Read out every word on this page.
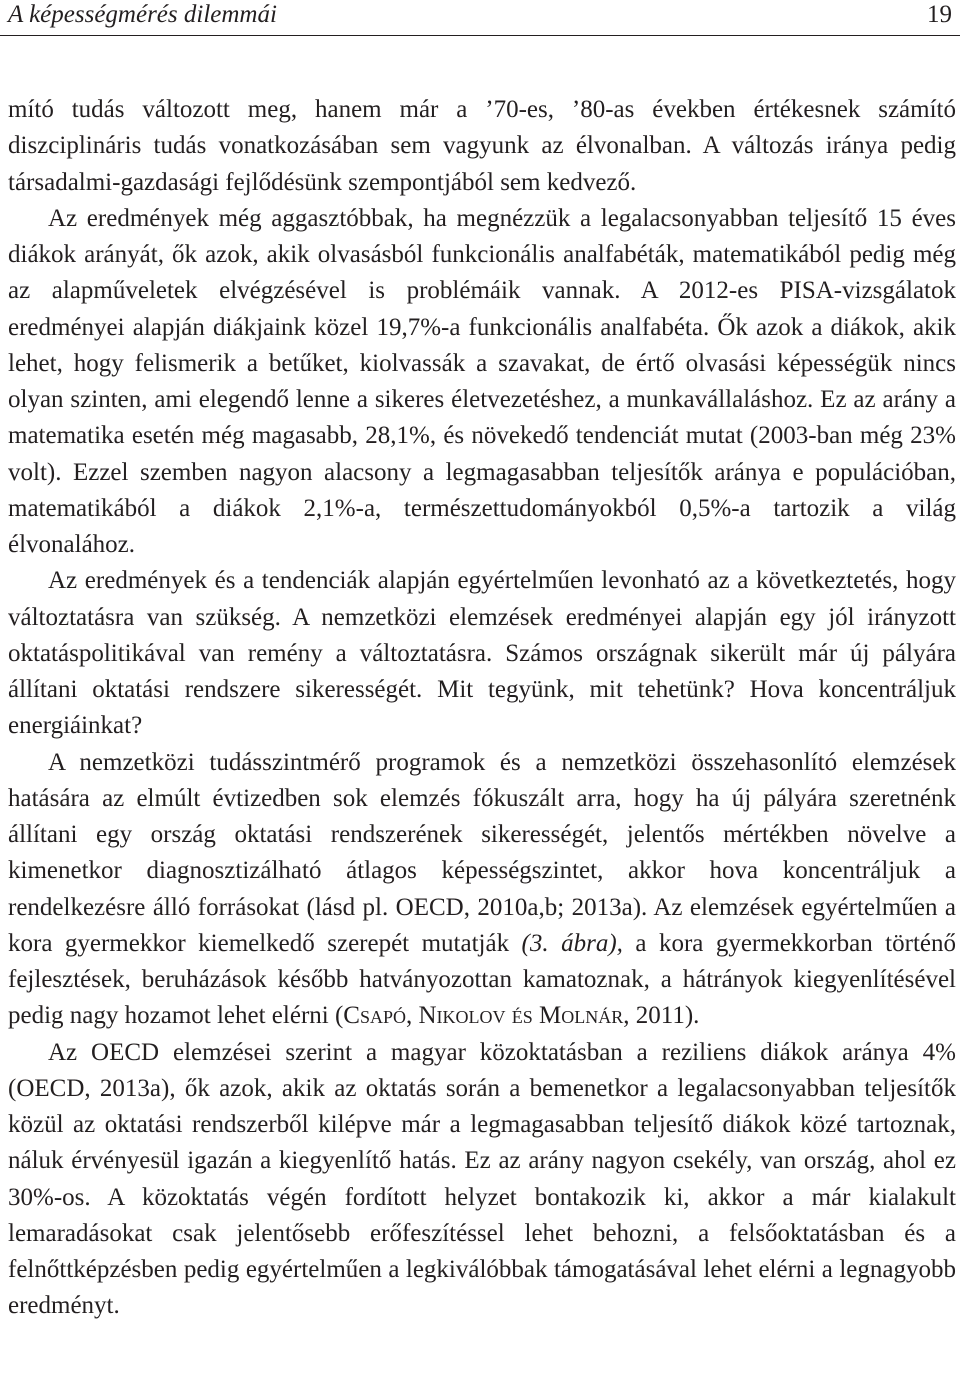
A képességmérés dilemmái	19

mító tudás változott meg, hanem már a ’70-es, ’80-as években értékesnek számító diszciplináris tudás vonatkozásában sem vagyunk az élvonalban. A változás iránya pedig társadalmi-gazdasági fejlődésünk szempontjából sem kedvező.

Az eredmények még aggasztóbbak, ha megnézzük a legalacsonyabban teljesítő 15 éves diákok arányát, ők azok, akik olvasásból funkcionális analfabéták, matematikából pedig még az alapműveletek elvégzésével is problémáik vannak. A 2012-es PISA-vizsgálatok eredményei alapján diákjaink közel 19,7%-a funkcionális analfabéta. Ők azok a diákok, akik lehet, hogy felismerik a betűket, kiolvassák a szavakat, de értő olvasási képességük nincs olyan szinten, ami elegendő lenne a sikeres életvezetéshez, a munkavállaláshoz. Ez az arány a matematika esetén még magasabb, 28,1%, és növekedő tendenciát mutat (2003-ban még 23% volt). Ezzel szemben nagyon alacsony a legmagasabban teljesítők aránya e populációban, matematikából a diákok 2,1%-a, természettudományokból 0,5%-a tartozik a világ élvonalához.

Az eredmények és a tendenciák alapján egyértelműen levonható az a következtetés, hogy változtatásra van szükség. A nemzetközi elemzések eredményei alapján egy jól irányzott oktatáspolitikával van remény a változtatásra. Számos országnak sikerült már új pályára állítani oktatási rendszere sikerességét. Mit tegyünk, mit tehetünk? Hova koncentráljuk energiáinkat?

A nemzetközi tudásszintmérő programok és a nemzetközi összehasonlító elemzések hatására az elmúlt évtizedben sok elemzés fókuszált arra, hogy ha új pályára szeretnénk állítani egy ország oktatási rendszerének sikerességét, jelentős mértékben növelve a kimenetkor diagnosztizálható átlagos képességszintet, akkor hova koncentráljuk a rendelkezésre álló forrásokat (lásd pl. OECD, 2010a,b; 2013a). Az elemzések egyértelműen a kora gyermekkor kiemelkedő szerepét mutatják (3. ábra), a kora gyermekkorban történő fejlesztések, beruházások később hatványozottan kamatoznak, a hátrányok kiegyenlítésével pedig nagy hozamot lehet elérni (Csapó, Nikolov és Molnár, 2011).

Az OECD elemzései szerint a magyar közoktatásban a reziliens diákok aránya 4% (OECD, 2013a), ők azok, akik az oktatás során a bemenetkor a legalacsonyabban teljesítők közül az oktatási rendszerből kilépve már a legmagasabban teljesítő diákok közé tartoznak, náluk érvényesül igazán a kiegyenlítő hatás. Ez az arány nagyon csekély, van ország, ahol ez 30%-os. A közoktatás végén fordított helyzet bontakozik ki, akkor a már kialakult lemaradásokat csak jelentősebb erőfeszítéssel lehet behozni, a felsőoktatásban és a felnőttképzésben pedig egyértelműen a legkiválóbbak támogatásával lehet elérni a legnagyobb eredményt.
